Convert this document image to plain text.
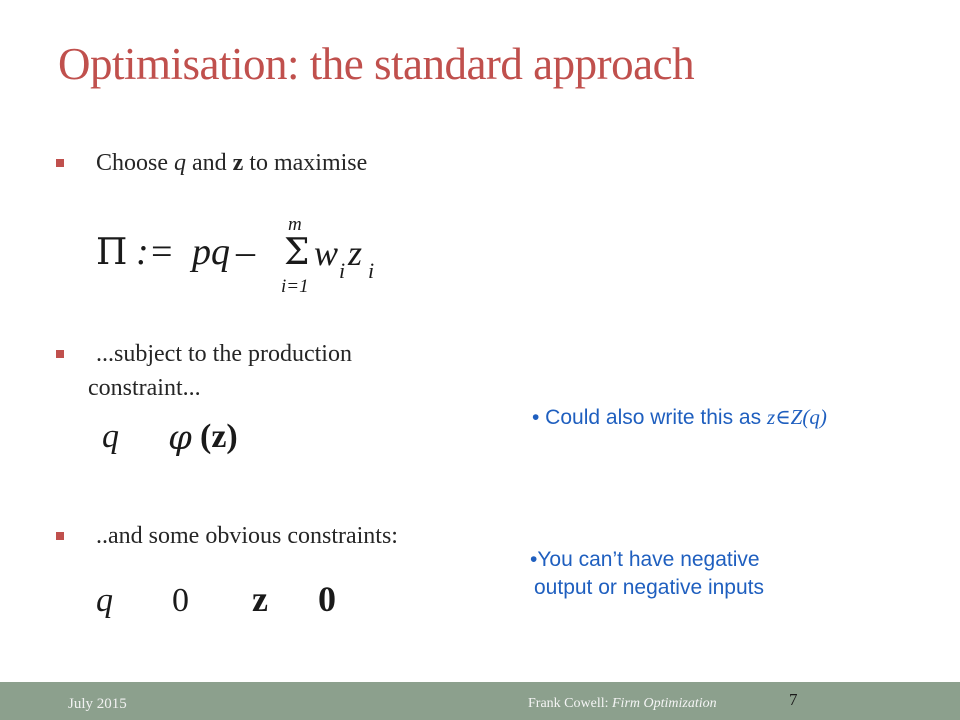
Optimisation: the standard approach
Choose q and z to maximise
Π := pq –
m
Σ
i=1
w i z i
...subject to the production
constraint...
q φ (z)
..and some obvious constraints:
q 0 z 0
• Could also write this as z∈Z(q)
•You can’t have negative
output or negative inputs
July 2015	Frank Cowell: Firm Optimization	7
